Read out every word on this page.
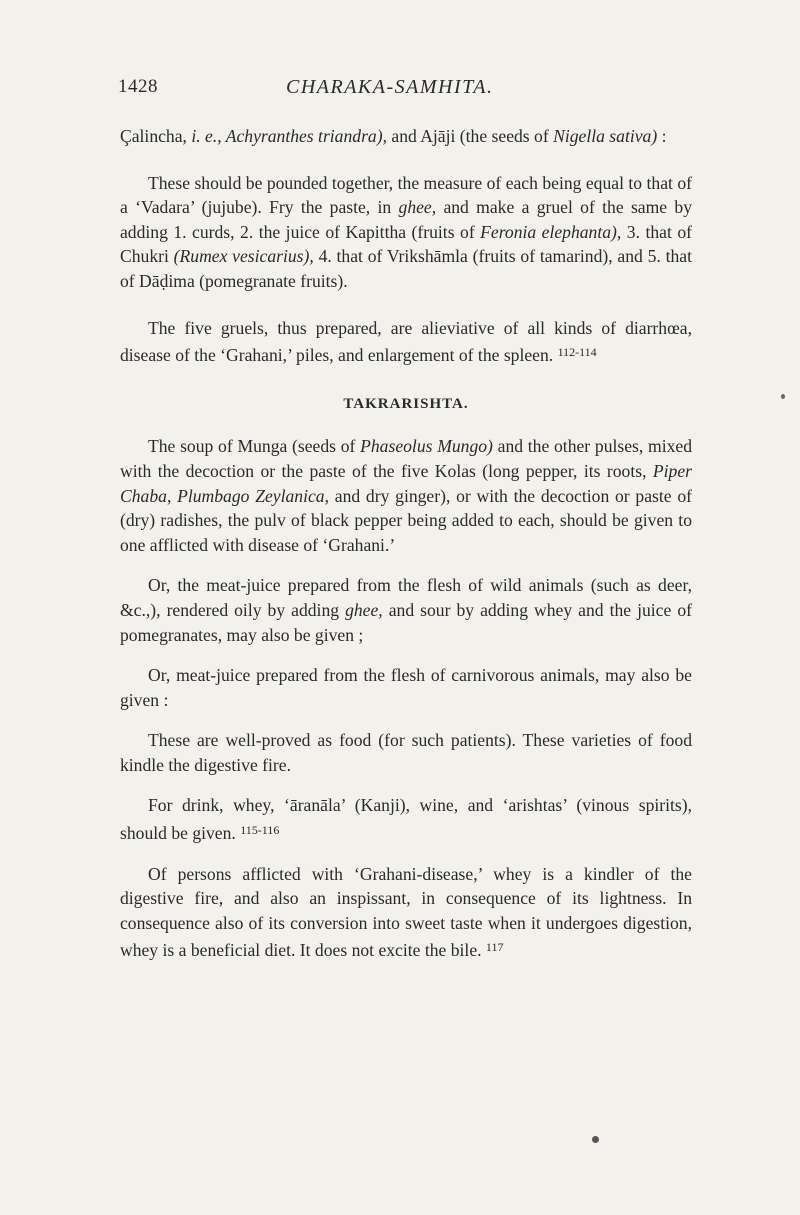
1428	CHARAKA-SAMHITA.

Çalincha, i. e., Achyranthes triandra), and Ajāji (the seeds of Nigella sativa) :

These should be pounded together, the measure of each being equal to that of a ‘Vadara’ (jujube). Fry the paste, in ghee, and make a gruel of the same by adding 1. curds, 2. the juice of Kapittha (fruits of Feronia elephanta), 3. that of Chukri (Rumex vesicarius), 4. that of Vrikshāmla (fruits of tamarind), and 5. that of Dāḍima (pomegranate fruits).

The five gruels, thus prepared, are alieviative of all kinds of diarrhœa, disease of the ‘Grahani,’ piles, and enlargement of the spleen. $^{112-114}$

TAKRARISHTA.

The soup of Munga (seeds of Phaseolus Mungo) and the other pulses, mixed with the decoction or the paste of the five Kolas (long pepper, its roots, Piper Chaba, Plumbago Zeylanica, and dry ginger), or with the decoction or paste of (dry) radishes, the pulv of black pepper being added to each, should be given to one afflicted with disease of ‘Grahani.’

Or, the meat-juice prepared from the flesh of wild animals (such as deer, &c.,), rendered oily by adding ghee, and sour by adding whey and the juice of pomegranates, may also be given ;

Or, meat-juice prepared from the flesh of carnivorous animals, may also be given :

These are well-proved as food (for such patients). These varieties of food kindle the digestive fire.

For drink, whey, ‘āranāla’ (Kanji), wine, and ‘arishtas’ (vinous spirits), should be given. $^{115-116}$

Of persons afflicted with ‘Grahani-disease,’ whey is a kindler of the digestive fire, and also an inspissant, in consequence of its lightness. In consequence also of its conversion into sweet taste when it undergoes digestion, whey is a beneficial diet. It does not excite the bile. $^{117}$
